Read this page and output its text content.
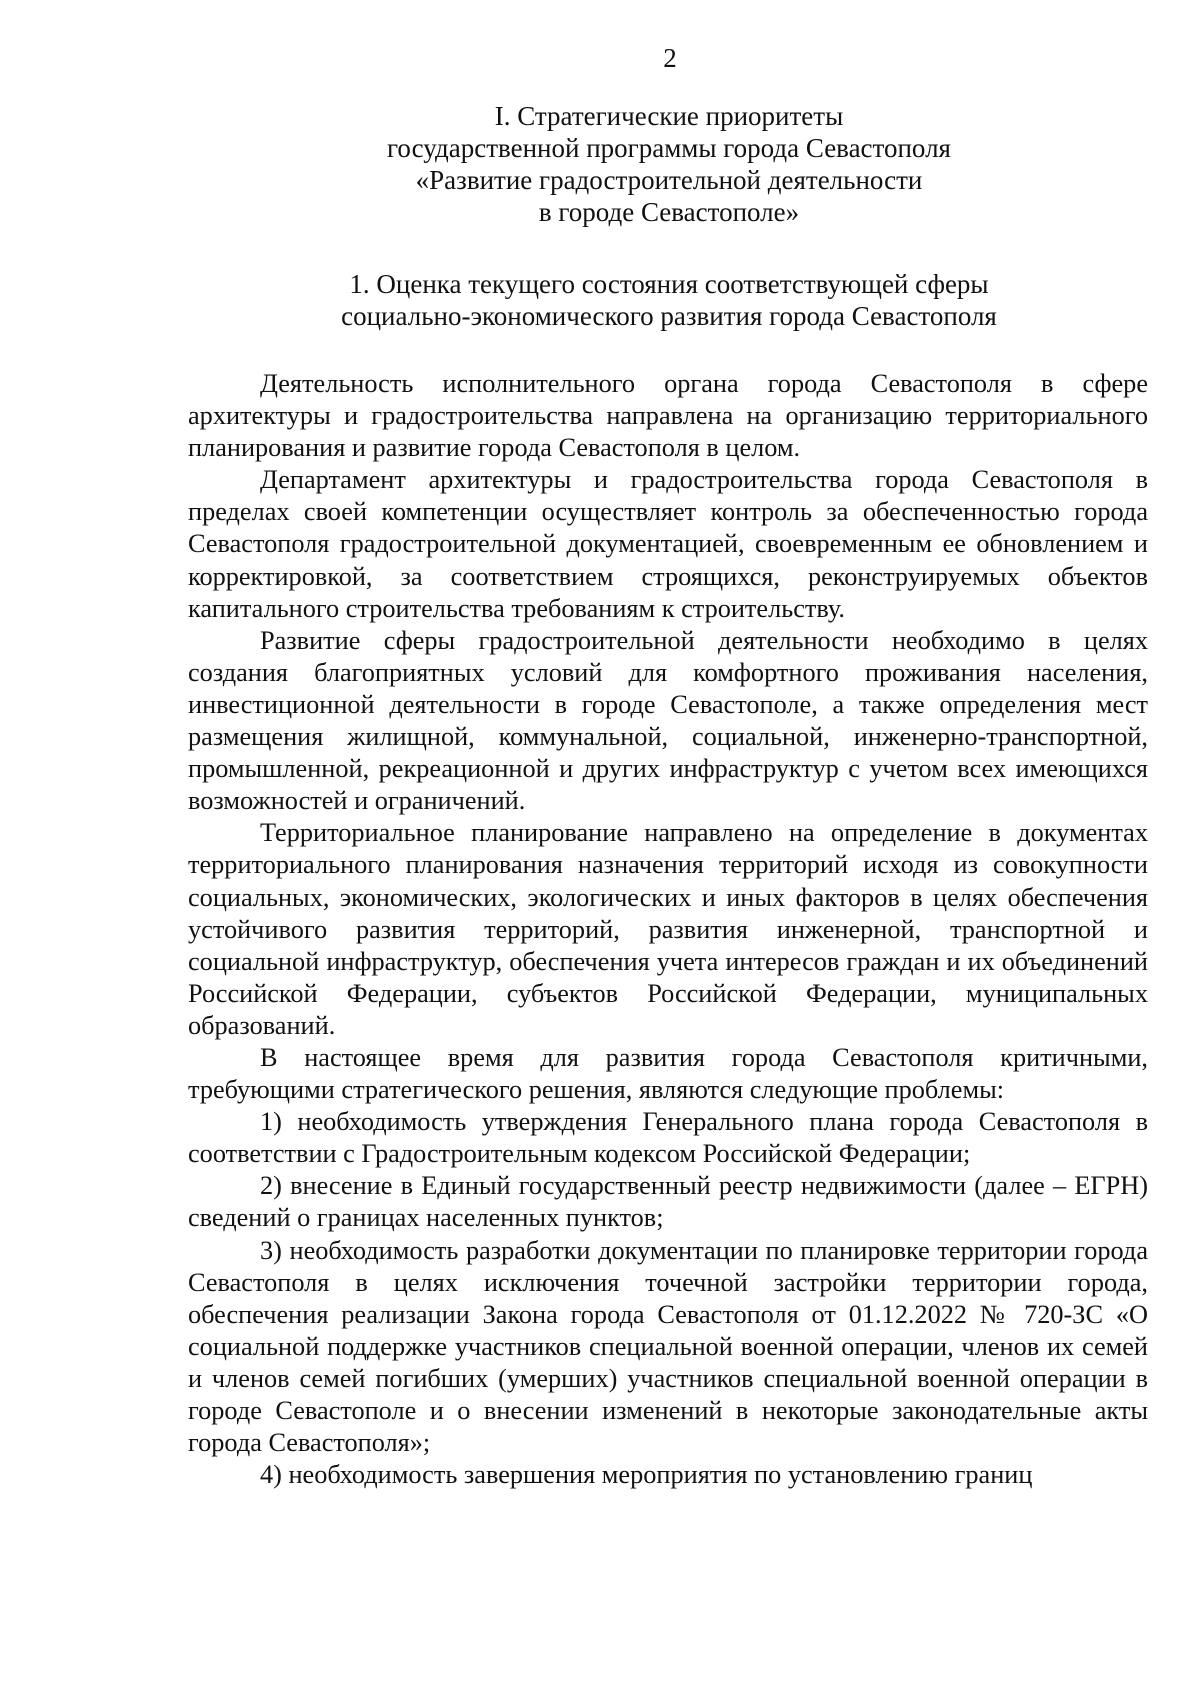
2
I. Стратегические приоритеты
государственной программы города Севастополя
«Развитие градостроительной деятельности
в городе Севастополе»
1. Оценка текущего состояния соответствующей сферы
социально-экономического развития города Севастополя

Деятельность исполнительного органа города Севастополя в сфере архитектуры и градостроительства направлена на организацию территориального планирования и развитие города Севастополя в целом.

Департамент архитектуры и градостроительства города Севастополя в пределах своей компетенции осуществляет контроль за обеспеченностью города Севастополя градостроительной документацией, своевременным ее обновлением и корректировкой, за соответствием строящихся, реконструируемых объектов капитального строительства требованиям к строительству.

Развитие сферы градостроительной деятельности необходимо в целях создания благоприятных условий для комфортного проживания населения, инвестиционной деятельности в городе Севастополе, а также определения мест размещения жилищной, коммунальной, социальной, инженерно-транспортной, промышленной, рекреационной и других инфраструктур с учетом всех имеющихся возможностей и ограничений.

Территориальное планирование направлено на определение в документах территориального планирования назначения территорий исходя из совокупности социальных, экономических, экологических и иных факторов в целях обеспечения устойчивого развития территорий, развития инженерной, транспортной и социальной инфраструктур, обеспечения учета интересов граждан и их объединений Российской Федерации, субъектов Российской Федерации, муниципальных образований.

В настоящее время для развития города Севастополя критичными, требующими стратегического решения, являются следующие проблемы:

1) необходимость утверждения Генерального плана города Севастополя в соответствии с Градостроительным кодексом Российской Федерации;

2) внесение в Единый государственный реестр недвижимости (далее – ЕГРН) сведений о границах населенных пунктов;

3) необходимость разработки документации по планировке территории города Севастополя в целях исключения точечной застройки территории города, обеспечения реализации Закона города Севастополя от 01.12.2022 № 720-ЗС «О социальной поддержке участников специальной военной операции, членов их семей и членов семей погибших (умерших) участников специальной военной операции в городе Севастополе и о внесении изменений в некоторые законодательные акты города Севастополя»;

4) необходимость завершения мероприятия по установлению границ
